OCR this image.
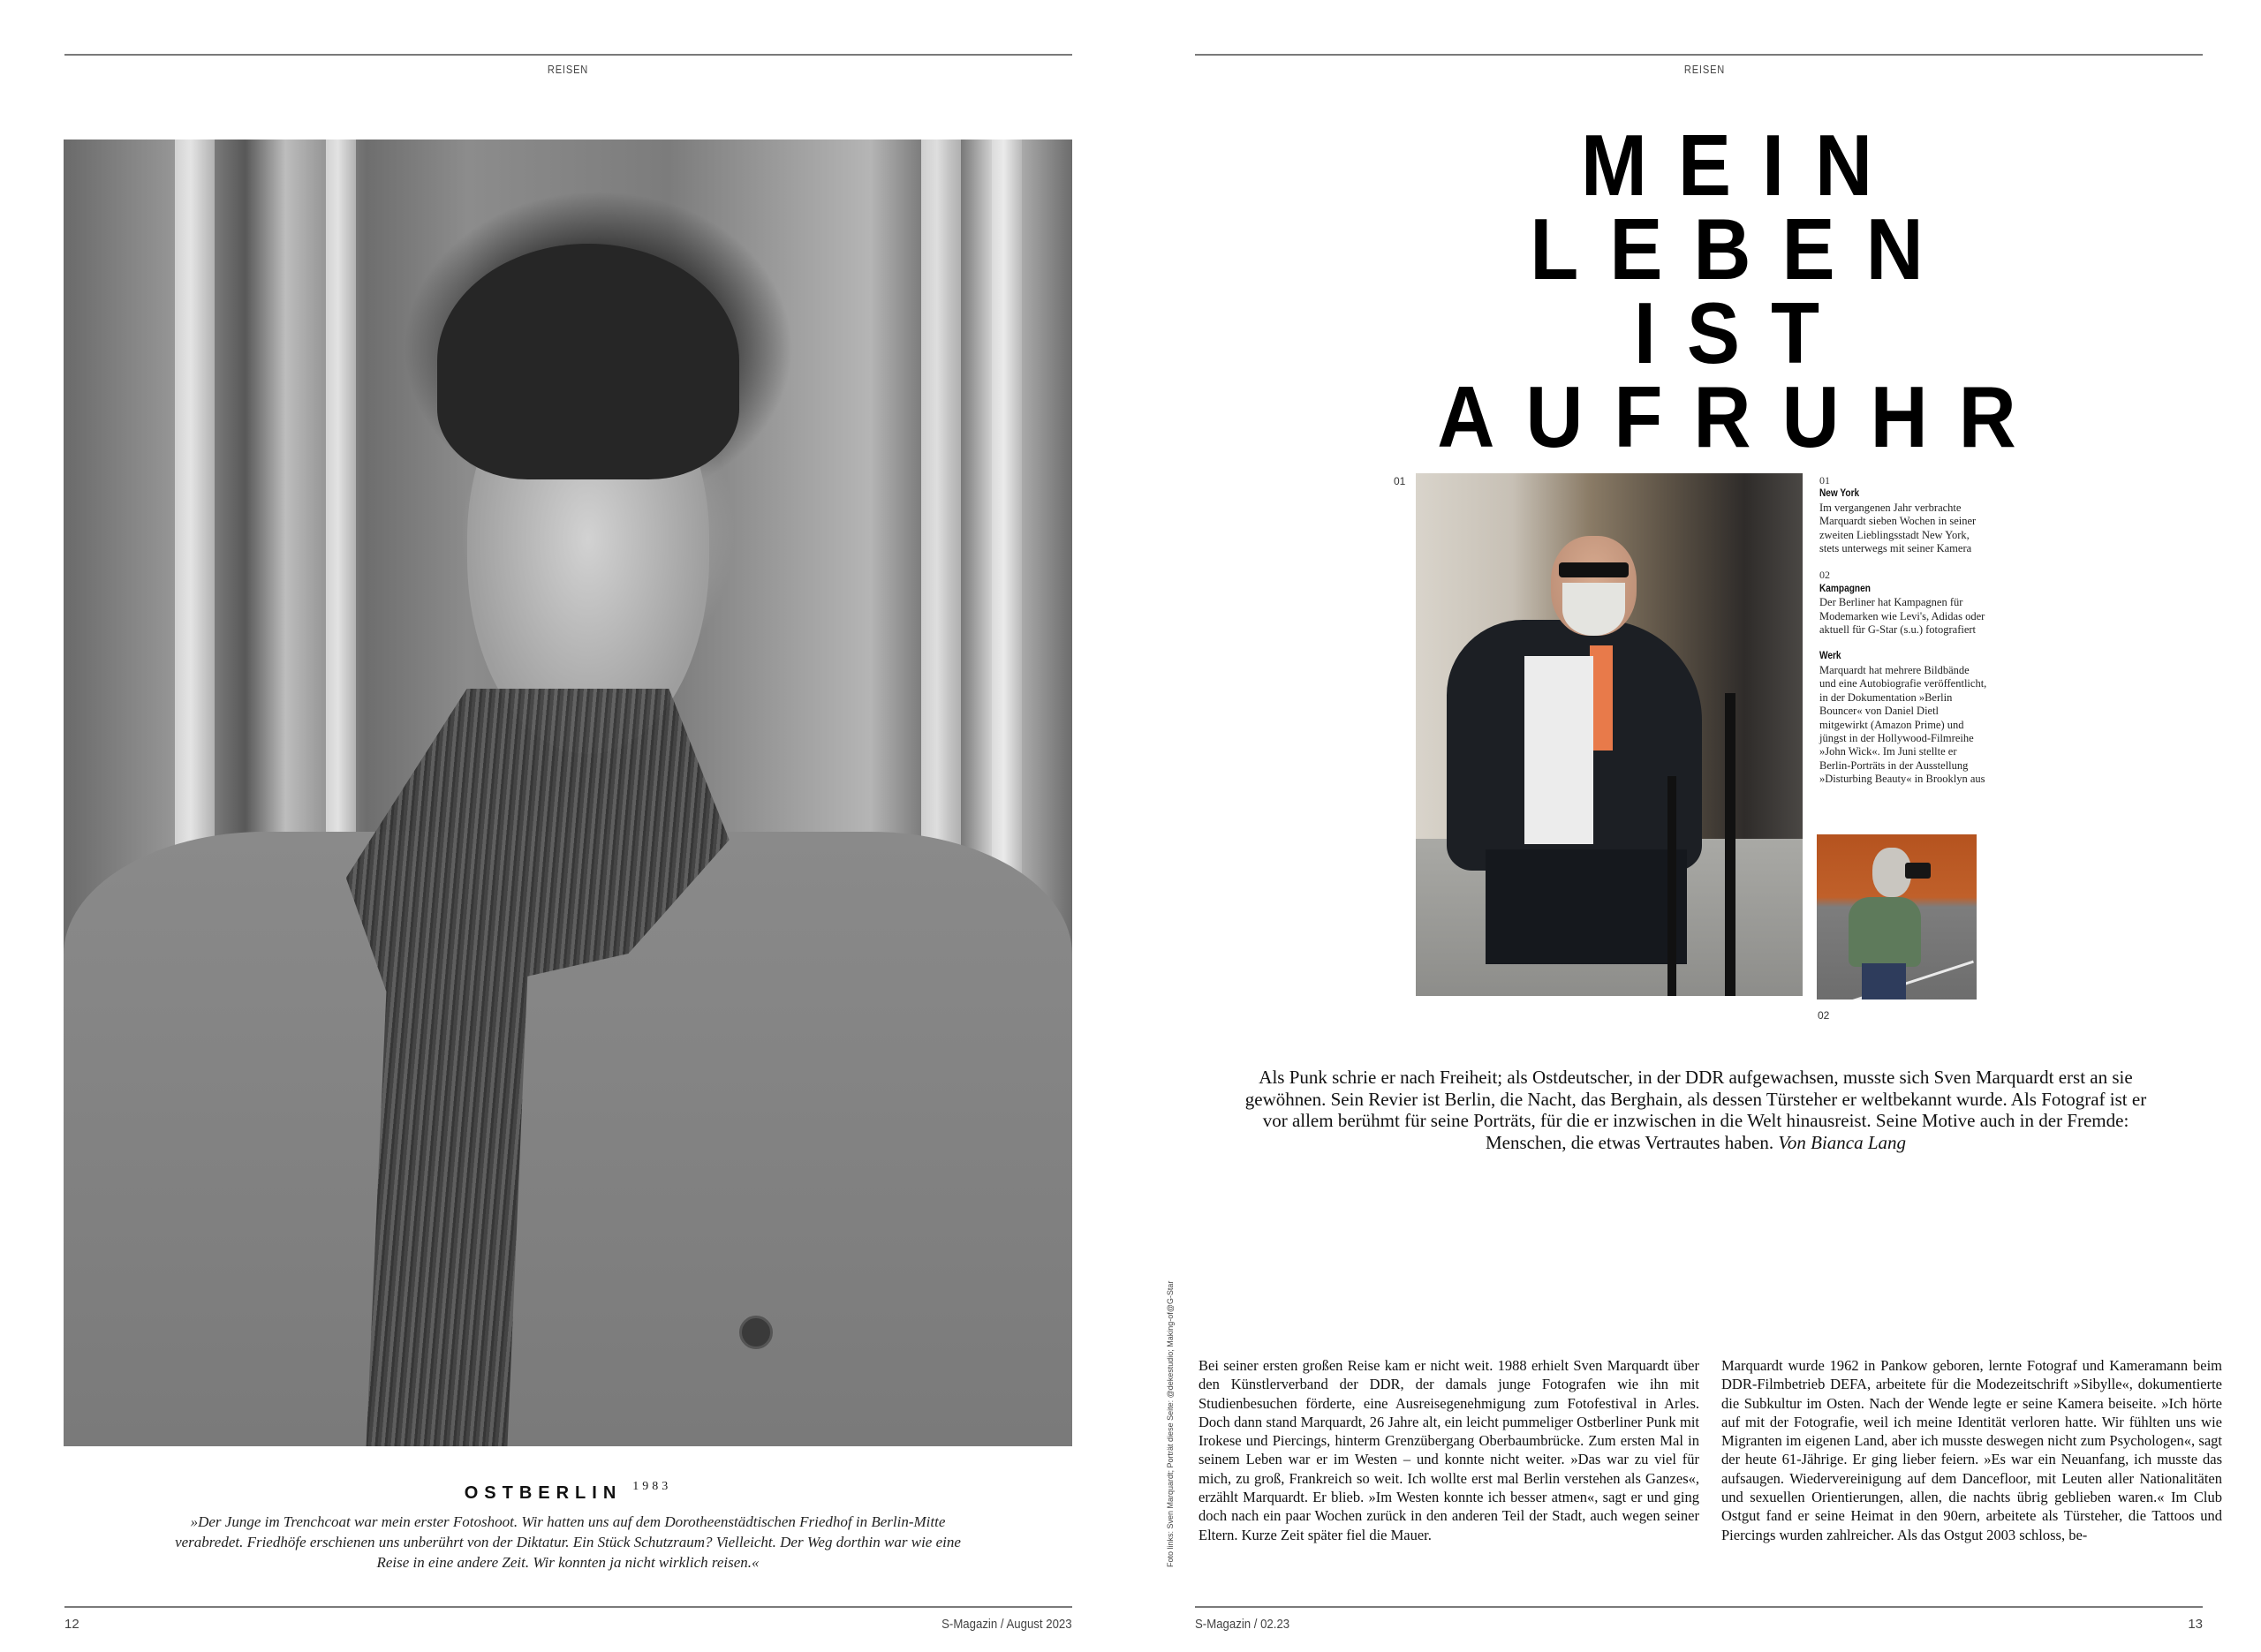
REISEN
OSTBERLIN 1983
»Der Junge im Trenchcoat war mein erster Fotoshoot. Wir hatten uns auf dem Dorotheenstädtischen Friedhof in Berlin-Mitte verabredet. Friedhöfe erschienen uns unberührt von der Diktatur. Ein Stück Schutzraum? Vielleicht. Der Weg dorthin war wie eine Reise in eine andere Zeit. Wir konnten ja nicht wirklich reisen.«
12	S-Magazin / August 2023
REISEN
MEIN
LEBEN
IST
AUFRUHR
01	01
New York
Im vergangenen Jahr verbrachte Marquardt sieben Wochen in seiner zweiten Lieblingsstadt New York, stets unterwegs mit seiner Kamera
02
Kampagnen
Der Berliner hat Kampagnen für Modemarken wie Levi's, Adidas oder aktuell für G-Star (s.u.) fotografiert
Werk
Marquardt hat mehrere Bildbände und eine Autobiografie veröffentlicht, in der Dokumentation »Berlin Bouncer« von Daniel Dietl mitgewirkt (Amazon Prime) und jüngst in der Hollywood-Filmreihe »John Wick«. Im Juni stellte er Berlin-Porträts in der Ausstellung »Disturbing Beauty« in Brooklyn aus
02
Als Punk schrie er nach Freiheit; als Ostdeutscher, in der DDR aufgewachsen, musste sich Sven Marquardt erst an sie gewöhnen. Sein Revier ist Berlin, die Nacht, das Berghain, als dessen Türsteher er weltbekannt wurde. Als Fotograf ist er vor allem berühmt für seine Porträts, für die er inzwischen in die Welt hinausreist. Seine Motive auch in der Fremde: Menschen, die etwas Vertrautes haben. Von Bianca Lang
Foto links: Sven Marquardt; Porträt diese Seite: @dekestudio; Making-of@G-Star Bei seiner ersten großen Reise kam er nicht weit. 1988 erhielt Sven Marquardt über den Künstlerverband der DDR, der damals junge Fotografen wie ihn mit Studienbesuchen förderte, eine Ausreisegenehmigung zum Fotofestival in Arles. Doch dann stand Marquardt, 26 Jahre alt, ein leicht pummeliger Ostberliner Punk mit Irokese und Piercings, hinterm Grenzübergang Oberbaumbrücke. Zum ersten Mal in seinem Leben war er im Westen – und konnte nicht weiter. »Das war zu viel für mich, zu groß, Frankreich so weit. Ich wollte erst mal Berlin verstehen als Ganzes«, erzählt Marquardt. Er blieb. »Im Westen konnte ich besser atmen«, sagt er und ging doch nach ein paar Wochen zurück in den anderen Teil der Stadt, auch wegen seiner Eltern. Kurze Zeit später fiel die Mauer.
Marquardt wurde 1962 in Pankow geboren, lernte Fotograf und Kameramann beim DDR-Filmbetrieb DEFA, arbeitete für die Modezeitschrift »Sibylle«, dokumentierte die Subkultur im Osten. Nach der Wende legte er seine Kamera beiseite. »Ich hörte auf mit der Fotografie, weil ich meine Identität verloren hatte. Wir fühlten uns wie Migranten im eigenen Land, aber ich musste deswegen nicht zum Psychologen«, sagt der heute 61-Jährige. Er ging lieber feiern. »Es war ein Neuanfang, ich musste das aufsaugen. Wiedervereinigung auf dem Dancefloor, mit Leuten aller Nationalitäten und sexuellen Orientierungen, allen, die nachts übrig geblieben waren.« Im Club Ostgut fand er seine Heimat in den 90ern, arbeitete als Türsteher, die Tattoos und Piercings wurden zahlreicher. Als das Ostgut 2003 schloss, be-
S-Magazin / 02.23	13
